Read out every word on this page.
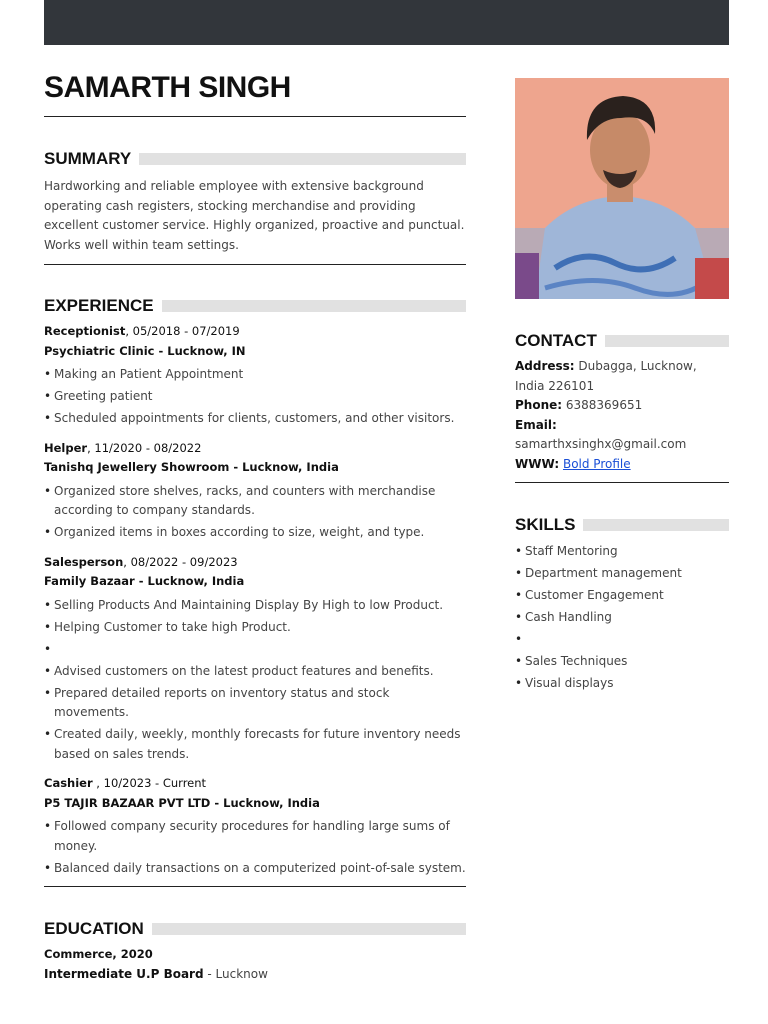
SAMARTH SINGH
SUMMARY
Hardworking and reliable employee with extensive background operating cash registers, stocking merchandise and providing excellent customer service. Highly organized, proactive and punctual. Works well within team settings.
EXPERIENCE
Receptionist, 05/2018 - 07/2019
Psychiatric Clinic - Lucknow, IN
• Making an Patient Appointment
• Greeting patient
• Scheduled appointments for clients, customers, and other visitors.
Helper, 11/2020 - 08/2022
Tanishq Jewellery Showroom - Lucknow, India
• Organized store shelves, racks, and counters with merchandise according to company standards.
• Organized items in boxes according to size, weight, and type.
Salesperson, 08/2022 - 09/2023
Family Bazaar - Lucknow, India
• Selling Products And Maintaining Display By High to low Product.
• Helping Customer to take high Product.
•
• Advised customers on the latest product features and benefits.
• Prepared detailed reports on inventory status and stock movements.
• Created daily, weekly, monthly forecasts for future inventory needs based on sales trends.
Cashier , 10/2023 - Current
P5 TAJIR BAZAAR PVT LTD - Lucknow, India
• Followed company security procedures for handling large sums of money.
• Balanced daily transactions on a computerized point-of-sale system.
EDUCATION
Commerce, 2020
Intermediate U.P Board - Lucknow
CONTACT
Address: Dubagga, Lucknow, India 226101
Phone: 6388369651
Email: samarthxsinghx@gmail.com
WWW: Bold Profile
SKILLS
• Staff Mentoring
• Department management
• Customer Engagement
• Cash Handling
•
• Sales Techniques
• Visual displays
